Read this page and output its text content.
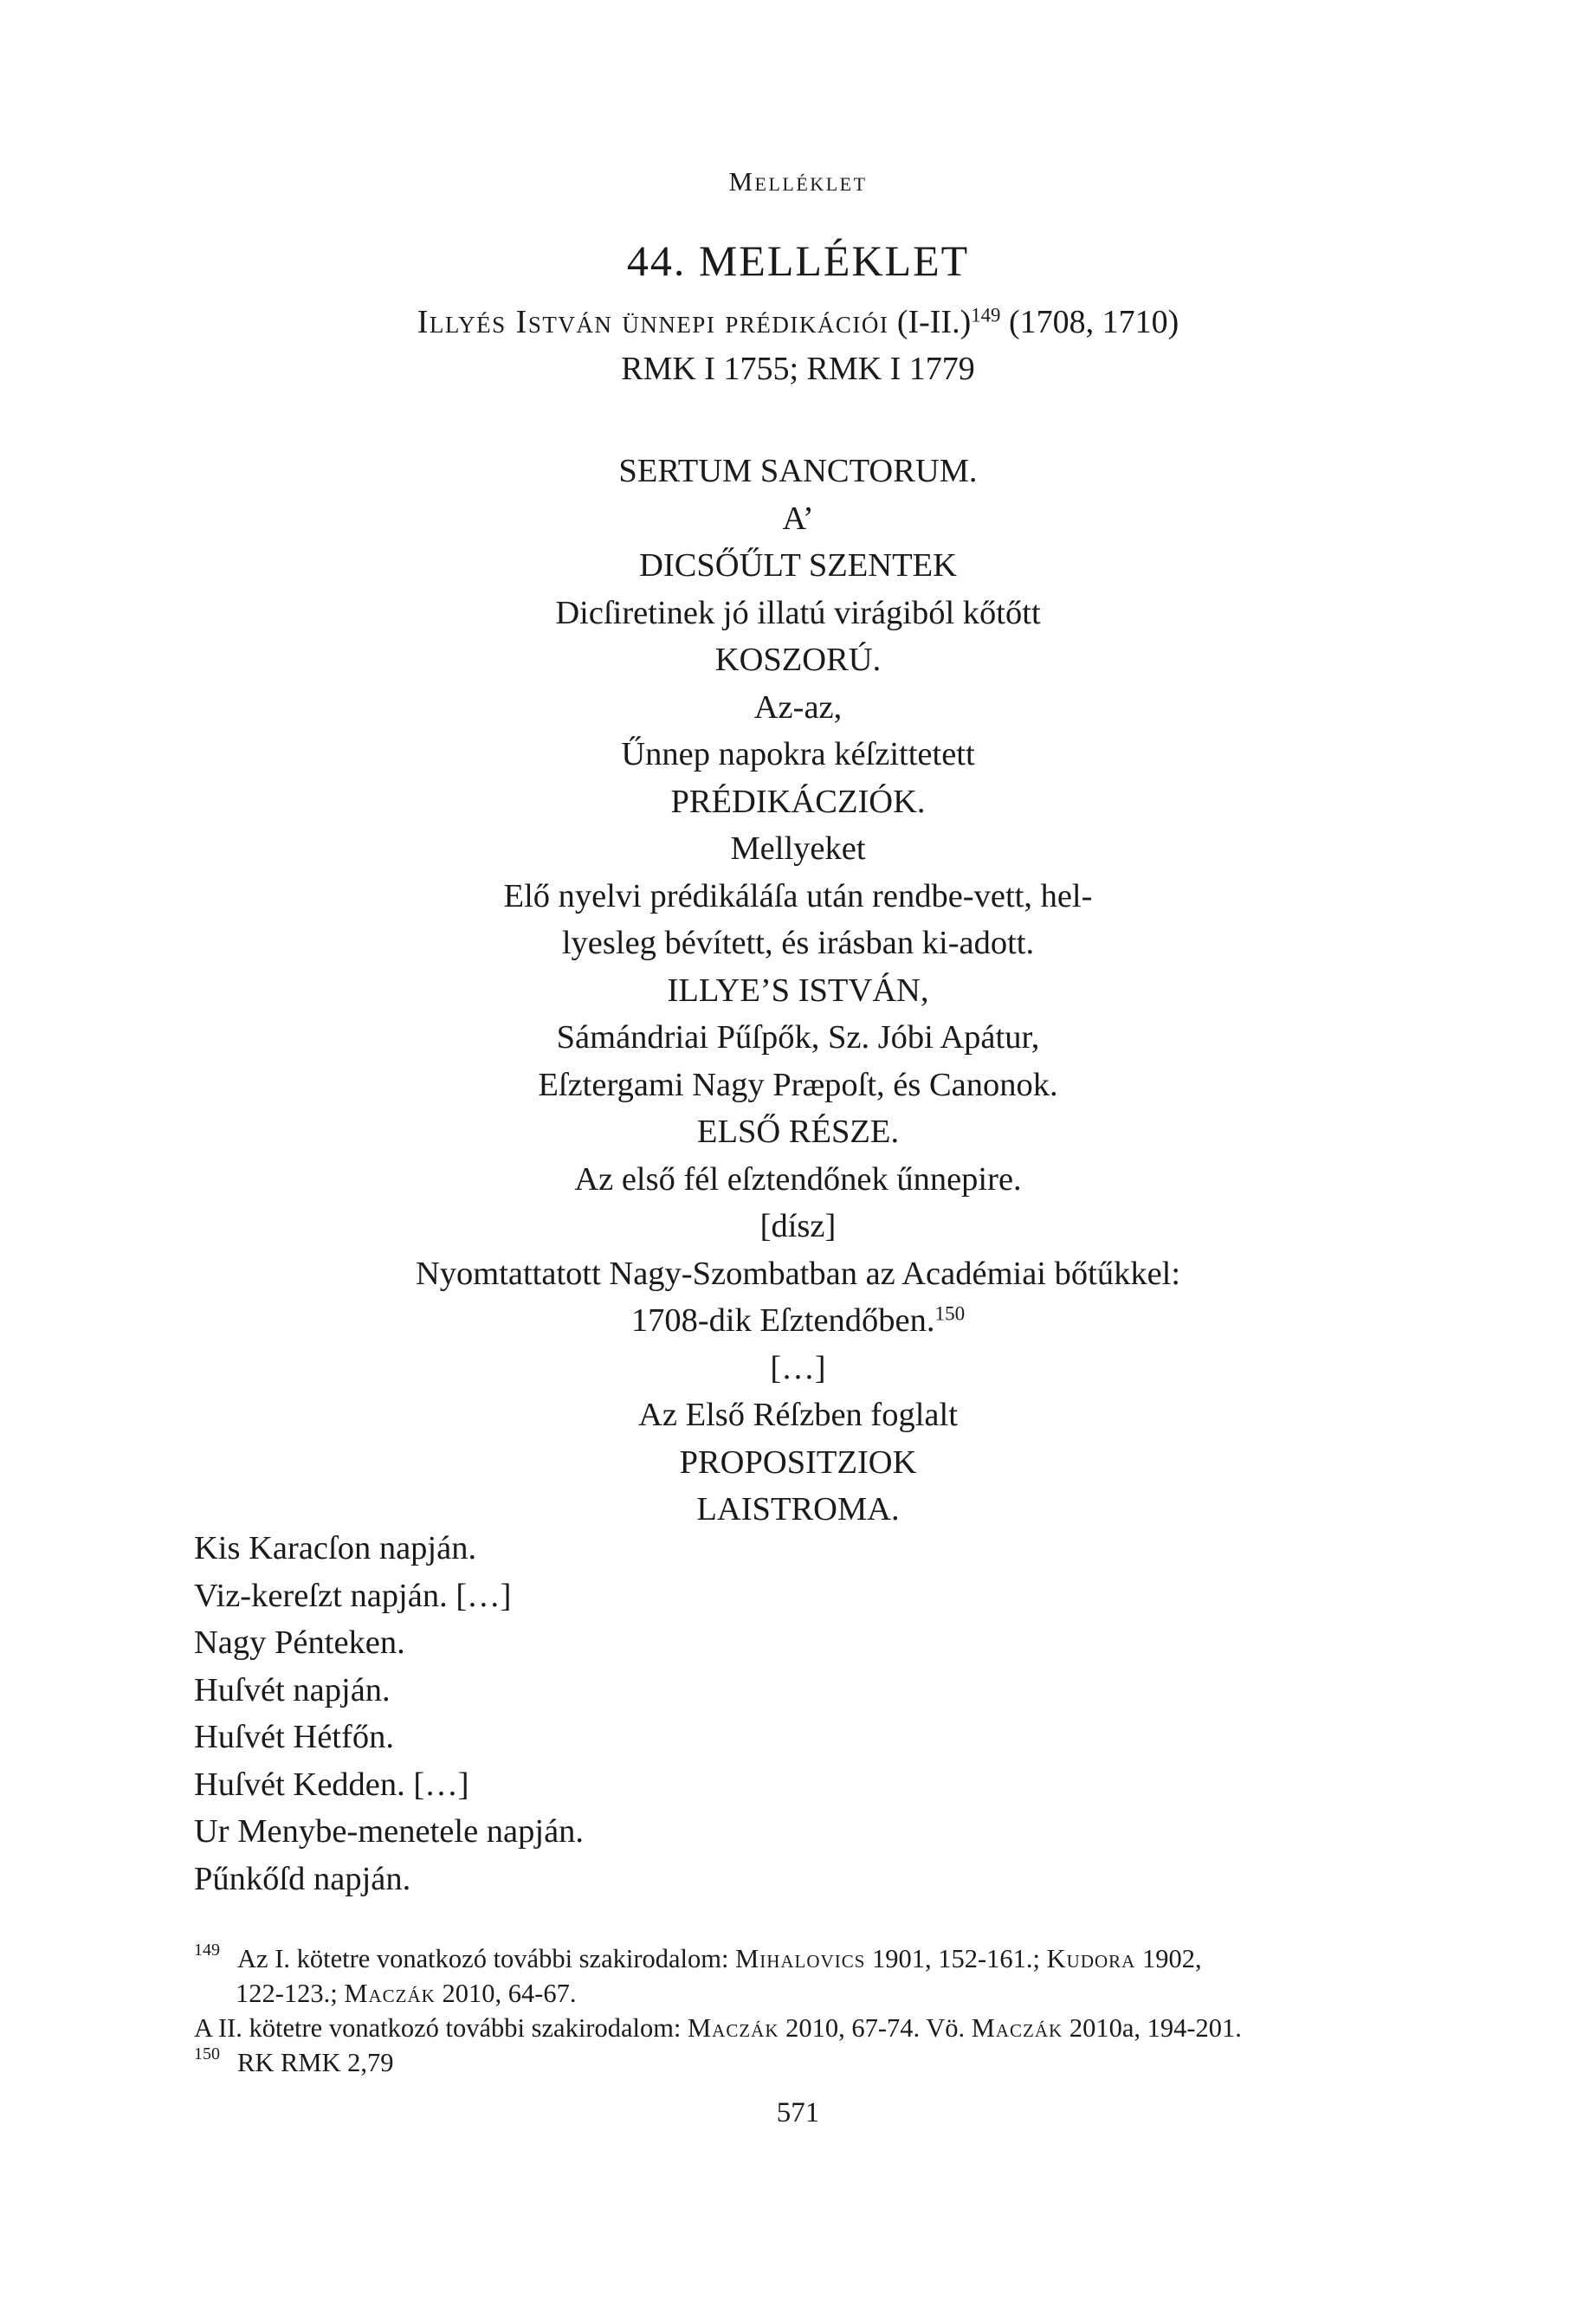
Melléklet
44. MELLÉKLET
Illyés István ünnepi prédikációi $(I-II.)^{149}$ (1708, 1710)
RMK I 1755; RMK I 1779
SERTUM SANCTORUM.
A’
DICSŐŰLT SZENTEK
Dicſiretinek jó illatú virágiból kőtőtt
KOSZORÚ.
Az-az,
Űnnep napokra kéſzittetett
PRÉDIKÁCZIÓK.
Mellyeket
Elő nyelvi prédikáláſa után rendbe-vett, hel-
lyesleg bévített, és irásban ki-adott.
ILLYE’S ISTVÁN,
Sámándriai Pűſpők, Sz. Jóbi Apátur,
Eſztergami Nagy Præpoſt, és Canonok.
ELSŐ RÉSZE.
Az első fél eſztendőnek űnnepire.
[dísz]
Nyomtattatott Nagy-Szombatban az Académiai bőtűkkel:
1708-dik Eſztendőben.$^{150}$
[…]
Az Első Réſzben foglalt
PROPOSITZIOK
LAISTROMA.
Kis Karacſon napján.
Viz-kereſzt napján. […]
Nagy Pénteken.
Huſvét napján.
Huſvét Hétfőn.
Huſvét Kedden. […]
Ur Menybe-menetele napján.
Pűnkőſd napján.
$^{149}$ Az I. kötetre vonatkozó további szakirodalom: Mihalovics 1901, 152-161.; Kudora 1902,
122-123.; Maczák 2010, 64-67.
A II. kötetre vonatkozó további szakirodalom: Maczák 2010, 67-74. Vö. Maczák 2010a, 194-201.
$^{150}$ RK RMK 2,79
571
